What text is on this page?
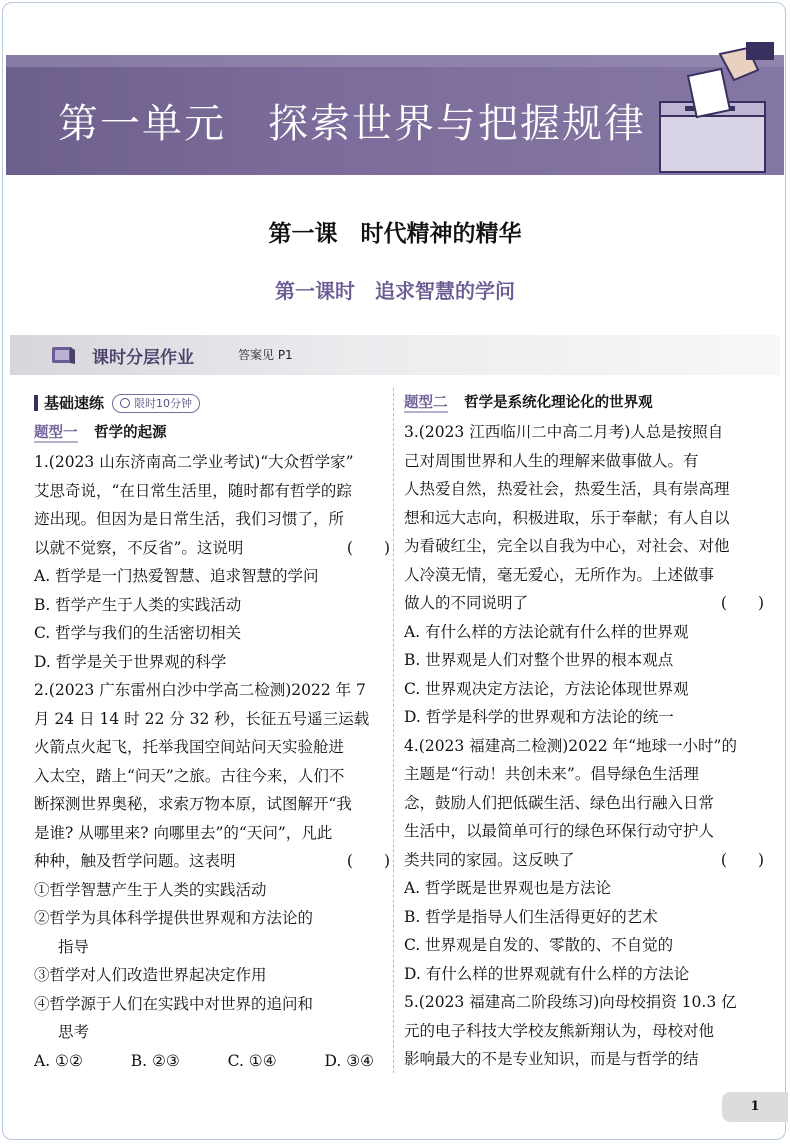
第一单元　探索世界与把握规律
第一课　时代精神的精华
第一课时　追求智慧的学问
课时分层作业	答案见 P1
基础速练	限时10分钟
题型一 哲学的起源

1.(2023 山东济南高二学业考试)“大众哲学家”

艾思奇说，“在日常生活里，随时都有哲学的踪

迹出现。但因为是日常生活，我们习惯了，所

以就不觉察，不反省”。这说明	(　　)

A. 哲学是一门热爱智慧、追求智慧的学问

B. 哲学产生于人类的实践活动

C. 哲学与我们的生活密切相关

D. 哲学是关于世界观的科学

2.(2023 广东雷州白沙中学高二检测)2022 年 7

月 24 日 14 时 22 分 32 秒，长征五号遥三运载

火箭点火起飞，托举我国空间站问天实验舱进

入太空，踏上“问天”之旅。古往今来，人们不

断探测世界奥秘，求索万物本原，试图解开“我

是谁? 从哪里来? 向哪里去”的“天问”，凡此

种种，触及哲学问题。这表明	(　　)

①哲学智慧产生于人类的实践活动

②哲学为具体科学提供世界观和方法论的

指导

③哲学对人们改造世界起决定作用

④哲学源于人们在实践中对世界的追问和

思考

A. ①②	B. ②③	C. ①④	D. ③④

题型二 哲学是系统化理论化的世界观

3.(2023 江西临川二中高二月考)人总是按照自

己对周围世界和人生的理解来做事做人。有

人热爱自然，热爱社会，热爱生活，具有崇高理

想和远大志向，积极进取，乐于奉献；有人自以

为看破红尘，完全以自我为中心，对社会、对他

人冷漠无情，毫无爱心，无所作为。上述做事

做人的不同说明了	(　　)

A. 有什么样的方法论就有什么样的世界观

B. 世界观是人们对整个世界的根本观点

C. 世界观决定方法论，方法论体现世界观

D. 哲学是科学的世界观和方法论的统一

4.(2023 福建高二检测)2022 年“地球一小时”的

主题是“行动！共创未来”。倡导绿色生活理

念，鼓励人们把低碳生活、绿色出行融入日常

生活中，以最简单可行的绿色环保行动守护人

类共同的家园。这反映了	(　　)

A. 哲学既是世界观也是方法论

B. 哲学是指导人们生活得更好的艺术

C. 世界观是自发的、零散的、不自觉的

D. 有什么样的世界观就有什么样的方法论

5.(2023 福建高二阶段练习)向母校捐资 10.3 亿

元的电子科技大学校友熊新翔认为，母校对他

影响最大的不是专业知识，而是与哲学的结

1
